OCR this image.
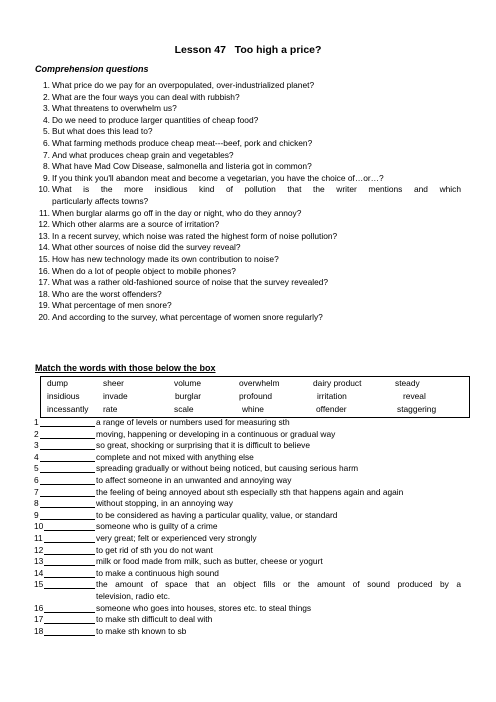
Lesson 47   Too high a price?
Comprehension questions
1. What price do we pay for an overpopulated, over-industrialized planet?
2. What are the four ways you can deal with rubbish?
3. What threatens to overwhelm us?
4. Do we need to produce larger quantities of cheap food?
5. But what does this lead to?
6. What farming methods produce cheap meat---beef, pork and chicken?
7. And what produces cheap grain and vegetables?
8. What have Mad Cow Disease, salmonella and listeria got in common?
9. If you think you'll abandon meat and become a vegetarian, you have the choice of…or…?
10. What is the more insidious kind of pollution that the writer mentions and which
particularly affects towns?
11. When burglar alarms go off in the day or night, who do they annoy?
12. Which other alarms are a source of irritation?
13. In a recent survey, which noise was rated the highest form of noise pollution?
14. What other sources of noise did the survey reveal?
15. How has new technology made its own contribution to noise?
16. When do a lot of people object to mobile phones?
17. What was a rather old-fashioned source of noise that the survey revealed?
18. Who are the worst offenders?
19. What percentage of men snore?
20. And according to the survey, what percentage of women snore regularly?
Match the words with those below the box
dump	sheer	volume	overwhelm	dairy product	steady
insidious	invade	burglar	profound	irritation	reveal
incessantly rate	scale	whine	offender	staggering
1	a range of levels or numbers used for measuring sth
2	moving, happening or developing in a continuous or gradual way
3	so great, shocking or surprising that it is difficult to believe
4	complete and not mixed with anything else
5	spreading gradually or without being noticed, but causing serious harm
6	to affect someone in an unwanted and annoying way
7	the feeling of being annoyed about sth especially sth that happens again and again
8	without stopping, in an annoying way
9	to be considered as having a particular quality, value, or standard
10	someone who is guilty of a crime
11	very great; felt or experienced very strongly
12	to get rid of sth you do not want
13	milk or food made from milk, such as butter, cheese or yogurt
14	to make a continuous high sound
15	the amount of space that an object fills or the amount of sound produced by a
television, radio etc.
16	someone who goes into houses, stores etc. to steal things
17	to make sth difficult to deal with
18	to make sth known to sb
